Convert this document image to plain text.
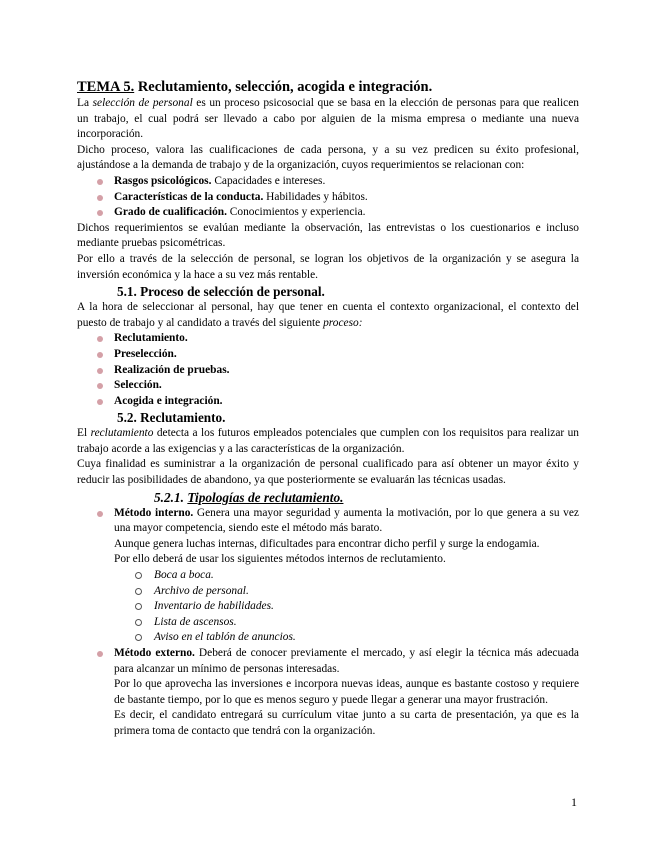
TEMA 5. Reclutamiento, selección, acogida e integración.

La selección de personal es un proceso psicosocial que se basa en la elección de personas para que realicen un trabajo, el cual podrá ser llevado a cabo por alguien de la misma empresa o mediante una nueva incorporación.

Dicho proceso, valora las cualificaciones de cada persona, y a su vez predicen su éxito profesional, ajustándose a la demanda de trabajo y de la organización, cuyos requerimientos se relacionan con:

Rasgos psicológicos. Capacidades e intereses.
Características de la conducta. Habilidades y hábitos.
Grado de cualificación. Conocimientos y experiencia.

Dichos requerimientos se evalúan mediante la observación, las entrevistas o los cuestionarios e incluso mediante pruebas psicométricas.

Por ello a través de la selección de personal, se logran los objetivos de la organización y se asegura la inversión económica y la hace a su vez más rentable.

5.1. Proceso de selección de personal.

A la hora de seleccionar al personal, hay que tener en cuenta el contexto organizacional, el contexto del puesto de trabajo y al candidato a través del siguiente proceso:

Reclutamiento.
Preselección.
Realización de pruebas.
Selección.
Acogida e integración.
5.2. Reclutamiento.

El reclutamiento detecta a los futuros empleados potenciales que cumplen con los requisitos para realizar un trabajo acorde a las exigencias y a las características de la organización.

Cuya finalidad es suministrar a la organización de personal cualificado para así obtener un mayor éxito y reducir las posibilidades de abandono, ya que posteriormente se evaluarán las técnicas usadas.

5.2.1. Tipologías de reclutamiento.
Método interno. Genera una mayor seguridad y aumenta la motivación, por lo que genera a su vez una mayor competencia, siendo este el método más barato.
Aunque genera luchas internas, dificultades para encontrar dicho perfil y surge la endogamia.
Por ello deberá de usar los siguientes métodos internos de reclutamiento.
Boca a boca.
Archivo de personal.
Inventario de habilidades.
Lista de ascensos.
Aviso en el tablón de anuncios.
Método externo. Deberá de conocer previamente el mercado, y así elegir la técnica más adecuada para alcanzar un mínimo de personas interesadas.
Por lo que aprovecha las inversiones e incorpora nuevas ideas, aunque es bastante costoso y requiere de bastante tiempo, por lo que es menos seguro y puede llegar a generar una mayor frustración.
Es decir, el candidato entregará su currículum vitae junto a su carta de presentación, ya que es la primera toma de contacto que tendrá con la organización.
1
